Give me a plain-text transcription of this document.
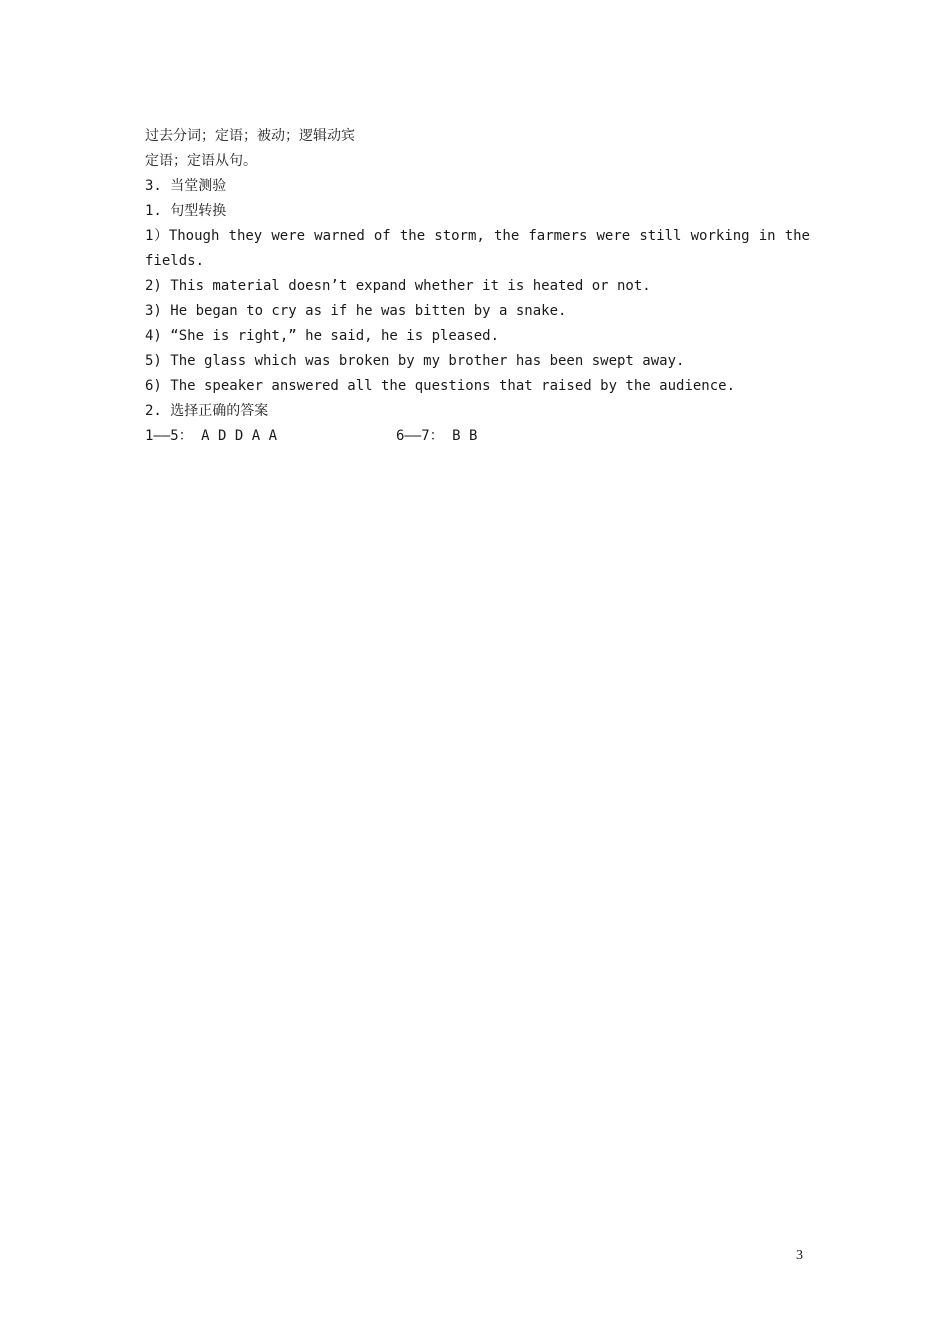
过去分词；定语；被动；逻辑动宾

定语；定语从句。

3. 当堂测验

1. 句型转换

1）Though they were warned of the storm, the farmers were still working in the fields.

2) This material doesn’t expand whether it is heated or not.

3) He began to cry as if he was bitten by a snake.

4) “She is right,” he said, he is pleased.

5) The glass which was broken by my brother has been swept away.

6) The speaker answered all the questions that raised by the audience.

2. 选择正确的答案

1——5： A D D A A	6——7： B B
3
